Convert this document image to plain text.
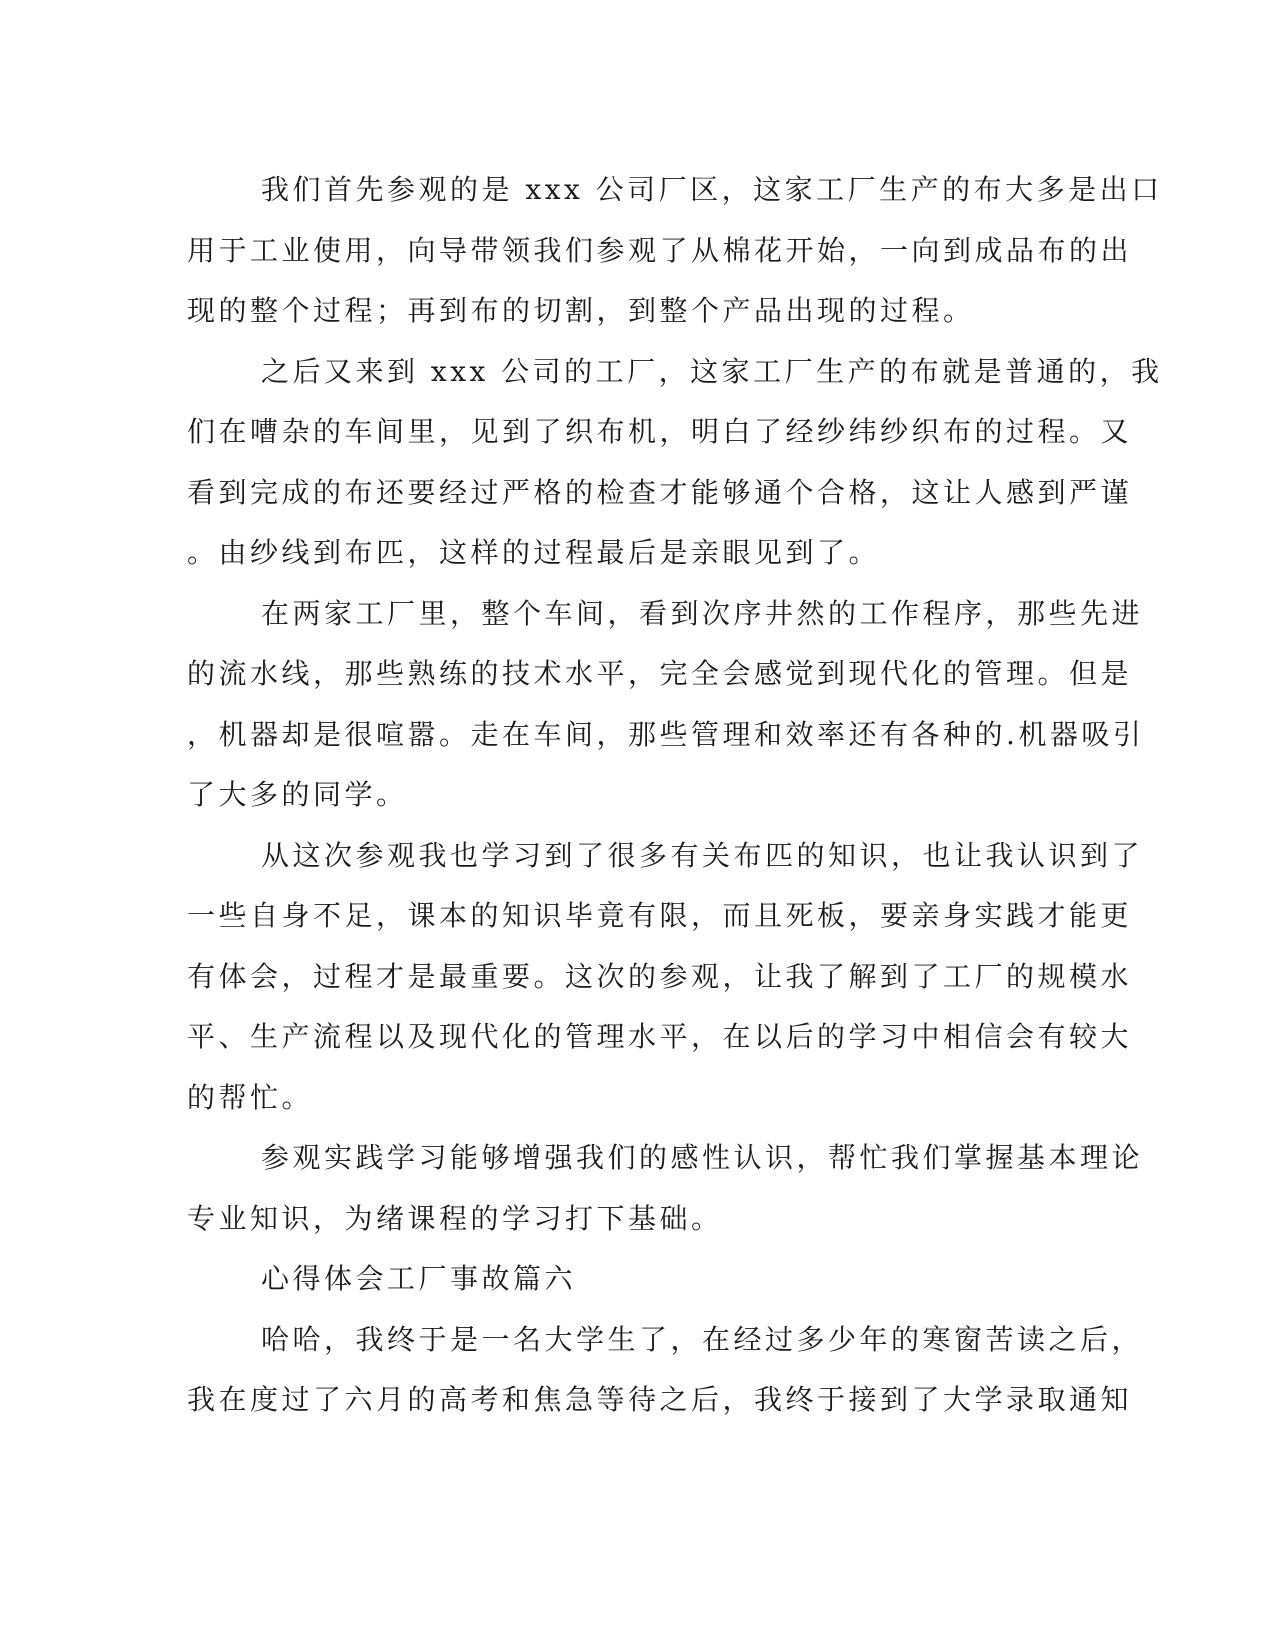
我们首先参观的是 xxx 公司厂区，这家工厂生产的布大多是出口
用于工业使用，向导带领我们参观了从棉花开始，一向到成品布的出
现的整个过程；再到布的切割，到整个产品出现的过程。
之后又来到 xxx 公司的工厂，这家工厂生产的布就是普通的，我
们在嘈杂的车间里，见到了织布机，明白了经纱纬纱织布的过程。又
看到完成的布还要经过严格的检查才能够通个合格，这让人感到严谨
。由纱线到布匹，这样的过程最后是亲眼见到了。
在两家工厂里，整个车间，看到次序井然的工作程序，那些先进
的流水线，那些熟练的技术水平，完全会感觉到现代化的管理。但是
，机器却是很喧嚣。走在车间，那些管理和效率还有各种的.机器吸引
了大多的同学。
从这次参观我也学习到了很多有关布匹的知识，也让我认识到了
一些自身不足，课本的知识毕竟有限，而且死板，要亲身实践才能更
有体会，过程才是最重要。这次的参观，让我了解到了工厂的规模水
平、生产流程以及现代化的管理水平，在以后的学习中相信会有较大
的帮忙。
参观实践学习能够增强我们的感性认识，帮忙我们掌握基本理论
专业知识，为绪课程的学习打下基础。
心得体会工厂事故篇六
哈哈，我终于是一名大学生了，在经过多少年的寒窗苦读之后，
我在度过了六月的高考和焦急等待之后，我终于接到了大学录取通知
